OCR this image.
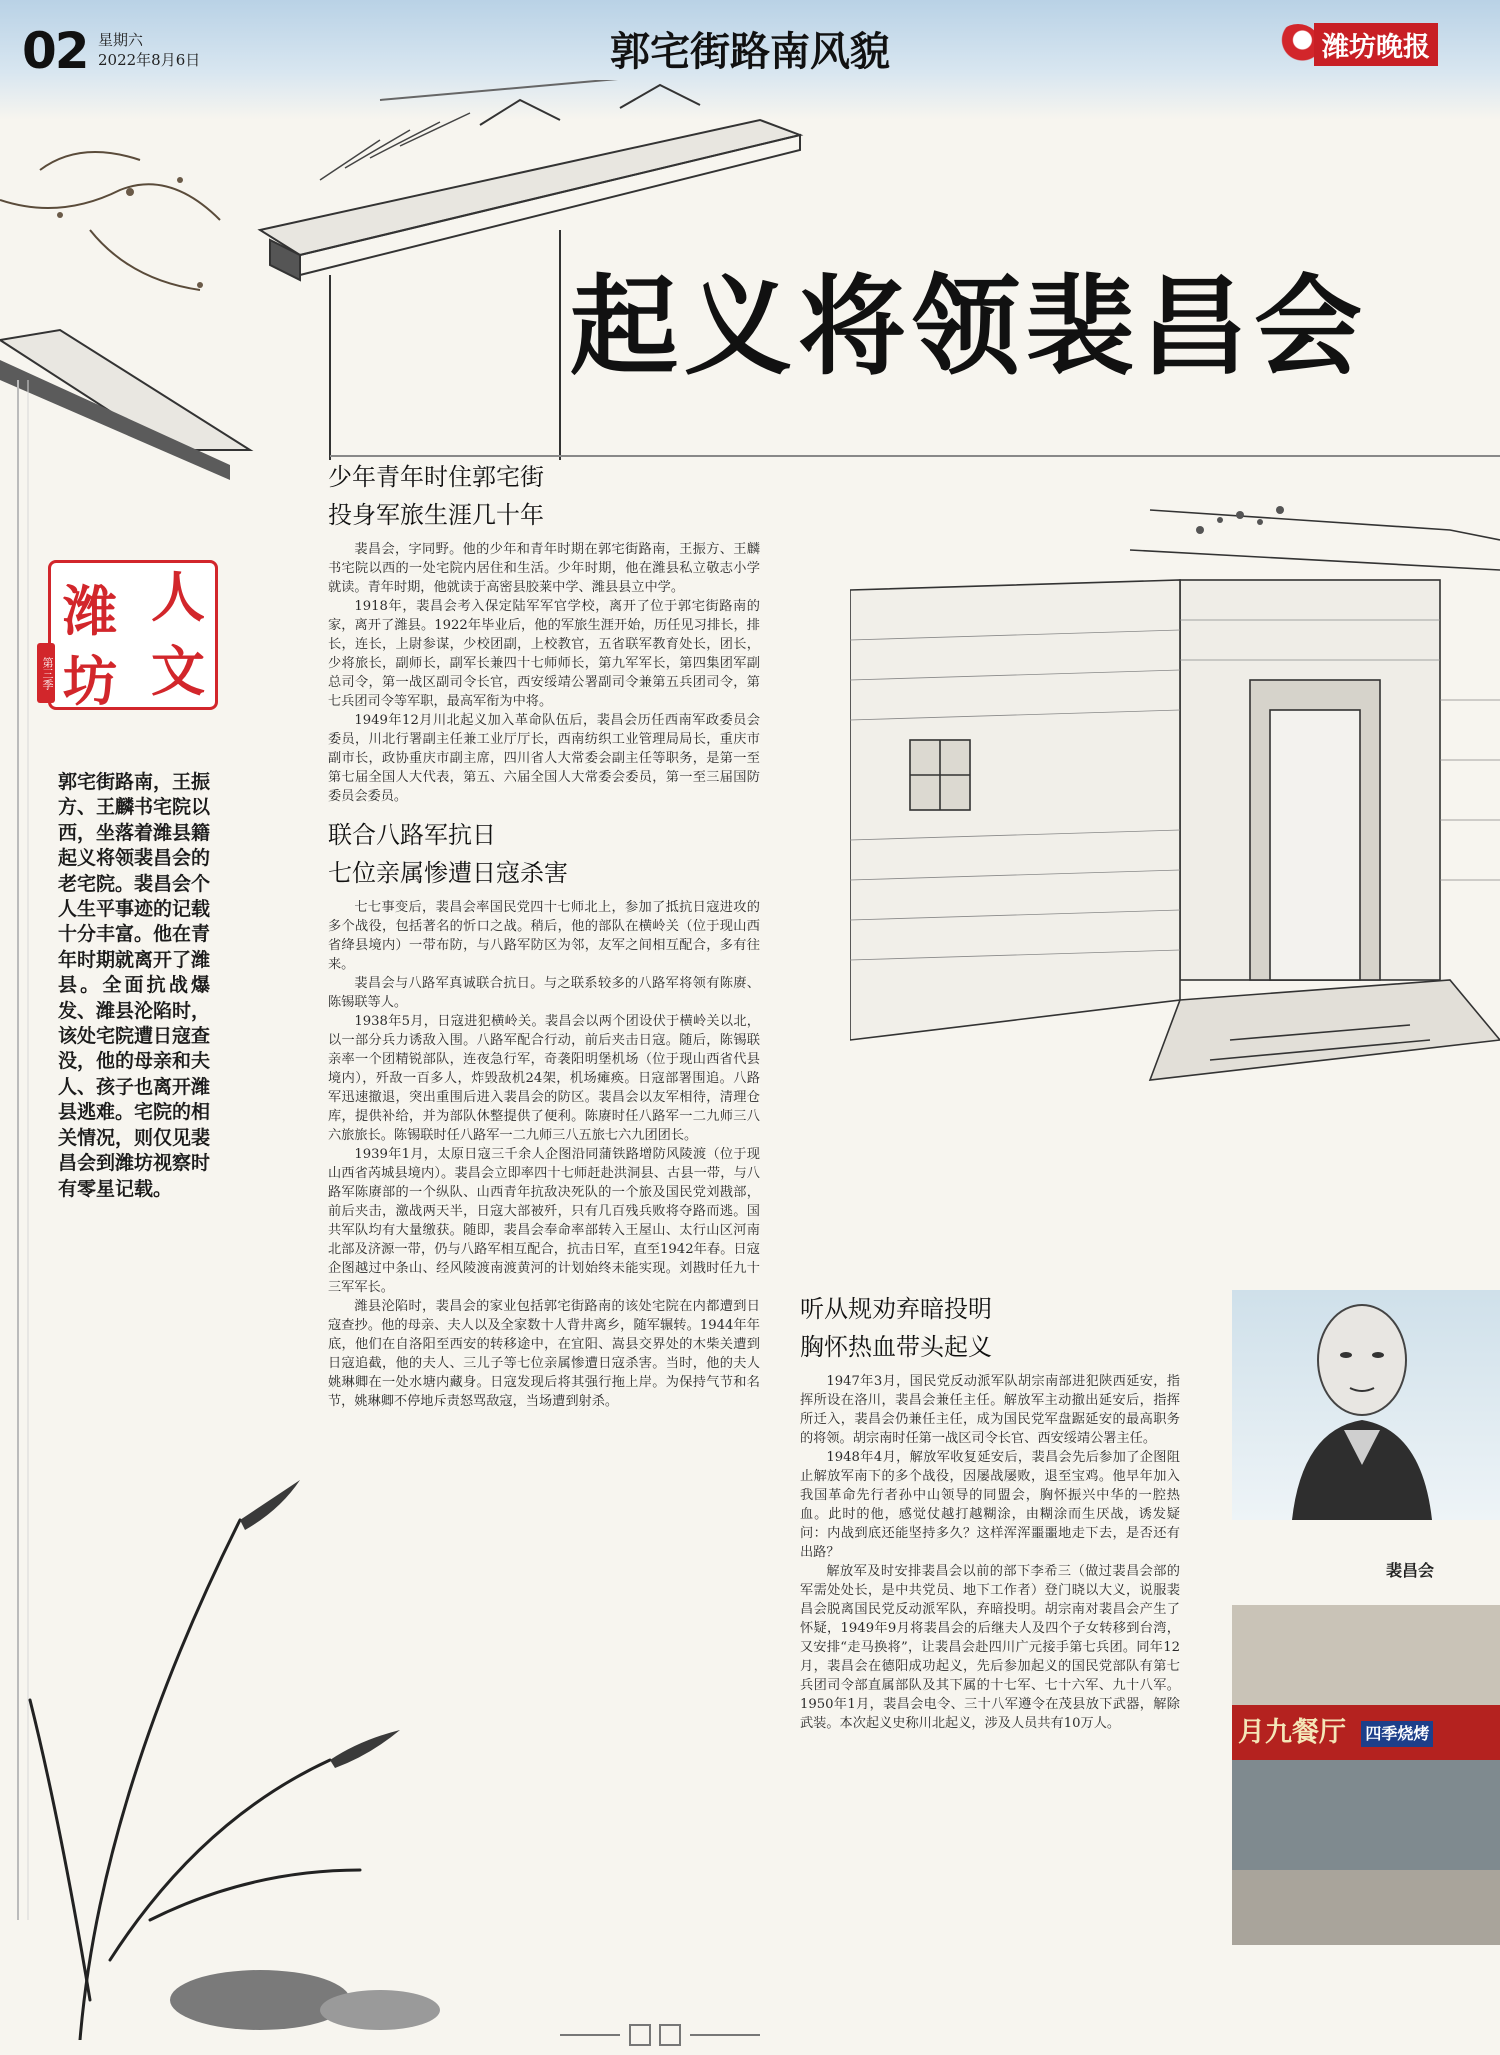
02 星期六
2022年8月6日	郭宅街路南风貌	潍坊晚报
起义将领裴昌会
潍 人
坊 文
第三季
郭宅街路南，王振方、王麟书宅院以西，坐落着潍县籍起义将领裴昌会的老宅院。裴昌会个人生平事迹的记载十分丰富。他在青年时期就离开了潍县。全面抗战爆发、潍县沦陷时，该处宅院遭日寇查没，他的母亲和夫人、孩子也离开潍县逃难。宅院的相关情况，则仅见裴昌会到潍坊视察时有零星记载。
少年青年时住郭宅街
投身军旅生涯几十年

裴昌会，字同野。他的少年和青年时期在郭宅街路南，王振方、王麟书宅院以西的一处宅院内居住和生活。少年时期，他在潍县私立敬志小学就读。青年时期，他就读于高密县胶莱中学、潍县县立中学。

1918年，裴昌会考入保定陆军军官学校，离开了位于郭宅街路南的家，离开了潍县。1922年毕业后，他的军旅生涯开始，历任见习排长，排长，连长，上尉参谋，少校团副，上校教官，五省联军教育处长，团长，少将旅长，副师长，副军长兼四十七师师长，第九军军长，第四集团军副总司令，第一战区副司令长官，西安绥靖公署副司令兼第五兵团司令，第七兵团司令等军职，最高军衔为中将。

1949年12月川北起义加入革命队伍后，裴昌会历任西南军政委员会委员，川北行署副主任兼工业厅厅长，西南纺织工业管理局局长，重庆市副市长，政协重庆市副主席，四川省人大常委会副主任等职务，是第一至第七届全国人大代表，第五、六届全国人大常委会委员，第一至三届国防委员会委员。

联合八路军抗日
七位亲属惨遭日寇杀害

七七事变后，裴昌会率国民党四十七师北上，参加了抵抗日寇进攻的多个战役，包括著名的忻口之战。稍后，他的部队在横岭关（位于现山西省绛县境内）一带布防，与八路军防区为邻，友军之间相互配合，多有往来。

裴昌会与八路军真诚联合抗日。与之联系较多的八路军将领有陈赓、陈锡联等人。

1938年5月，日寇进犯横岭关。裴昌会以两个团设伏于横岭关以北，以一部分兵力诱敌入围。八路军配合行动，前后夹击日寇。随后，陈锡联亲率一个团精锐部队，连夜急行军，奇袭阳明堡机场（位于现山西省代县境内），歼敌一百多人，炸毁敌机24架，机场瘫痪。日寇部署围追。八路军迅速撤退，突出重围后进入裴昌会的防区。裴昌会以友军相待，清理仓库，提供补给，并为部队休整提供了便利。陈赓时任八路军一二九师三八六旅旅长。陈锡联时任八路军一二九师三八五旅七六九团团长。

1939年1月，太原日寇三千余人企图沿同蒲铁路增防风陵渡（位于现山西省芮城县境内）。裴昌会立即率四十七师赶赴洪洞县、古县一带，与八路军陈赓部的一个纵队、山西青年抗敌决死队的一个旅及国民党刘戡部，前后夹击，激战两天半，日寇大部被歼，只有几百残兵败将夺路而逃。国共军队均有大量缴获。随即，裴昌会奉命率部转入王屋山、太行山区河南北部及济源一带，仍与八路军相互配合，抗击日军，直至1942年春。日寇企图越过中条山、经风陵渡南渡黄河的计划始终未能实现。刘戡时任九十三军军长。

潍县沦陷时，裴昌会的家业包括郭宅街路南的该处宅院在内都遭到日寇查抄。他的母亲、夫人以及全家数十人背井离乡，随军辗转。1944年年底，他们在自洛阳至西安的转移途中，在宜阳、嵩县交界处的木柴关遭到日寇追截，他的夫人、三儿子等七位亲属惨遭日寇杀害。当时，他的夫人姚琳卿在一处水塘内藏身。日寇发现后将其强行拖上岸。为保持气节和名节，姚琳卿不停地斥责怒骂敌寇，当场遭到射杀。

听从规劝弃暗投明
胸怀热血带头起义

1947年3月，国民党反动派军队胡宗南部进犯陕西延安，指挥所设在洛川，裴昌会兼任主任。解放军主动撤出延安后，指挥所迁入，裴昌会仍兼任主任，成为国民党军盘踞延安的最高职务的将领。胡宗南时任第一战区司令长官、西安绥靖公署主任。

1948年4月，解放军收复延安后，裴昌会先后参加了企图阻止解放军南下的多个战役，因屡战屡败，退至宝鸡。他早年加入我国革命先行者孙中山领导的同盟会，胸怀振兴中华的一腔热血。此时的他，感觉仗越打越糊涂，由糊涂而生厌战，诱发疑问：内战到底还能坚持多久？这样浑浑噩噩地走下去，是否还有出路？

解放军及时安排裴昌会以前的部下李希三（做过裴昌会部的军需处处长，是中共党员、地下工作者）登门晓以大义，说服裴昌会脱离国民党反动派军队，弃暗投明。胡宗南对裴昌会产生了怀疑，1949年9月将裴昌会的后继夫人及四个子女转移到台湾，又安排“走马换将”，让裴昌会赴四川广元接手第七兵团。同年12月，裴昌会在德阳成功起义，先后参加起义的国民党部队有第七兵团司令部直属部队及其下属的十七军、七十六军、九十八军。1950年1月，裴昌会电令、三十八军遵令在茂县放下武器，解除武装。本次起义史称川北起义，涉及人员共有10万人。

裴昌会
月九餐厅 四季烧烤
